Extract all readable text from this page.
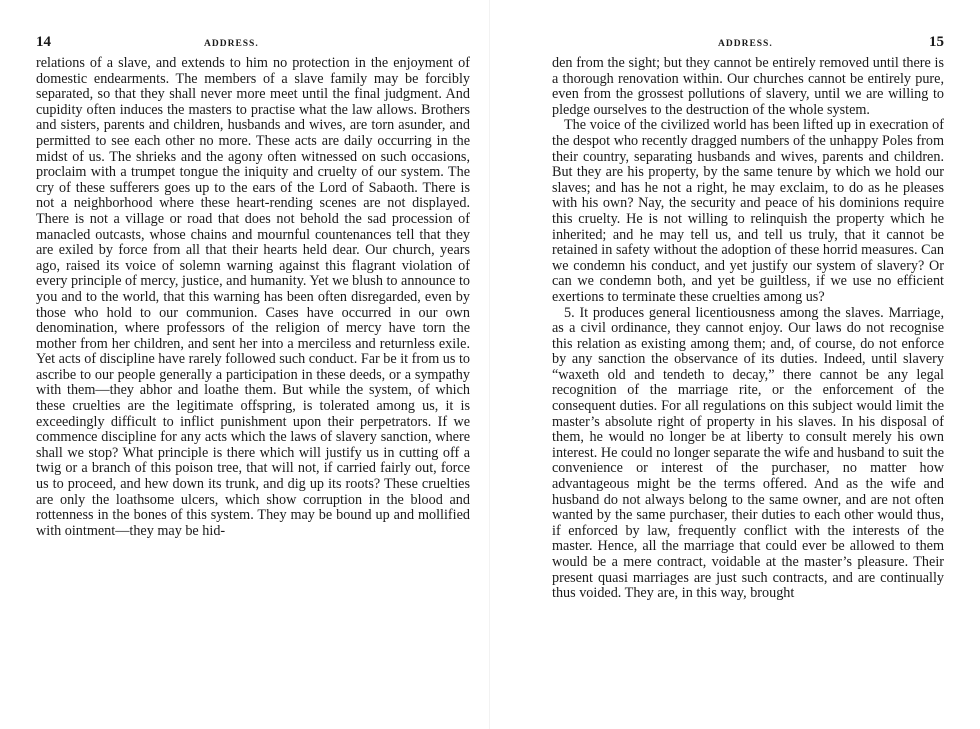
14	ADDRESS.

relations of a slave, and extends to him no protection in the enjoyment of domestic endearments. The members of a slave family may be forcibly separated, so that they shall never more meet until the final judgment. And cupidity often induces the masters to practise what the law allows. Brothers and sisters, parents and children, husbands and wives, are torn asunder, and permitted to see each other no more. These acts are daily occurring in the midst of us. The shrieks and the agony often witnessed on such occasions, proclaim with a trumpet tongue the iniquity and cruelty of our system. The cry of these sufferers goes up to the ears of the Lord of Sabaoth. There is not a neighborhood where these heart-rending scenes are not displayed. There is not a village or road that does not behold the sad procession of manacled outcasts, whose chains and mournful countenances tell that they are exiled by force from all that their hearts held dear. Our church, years ago, raised its voice of solemn warning against this flagrant violation of every principle of mercy, justice, and humanity. Yet we blush to announce to you and to the world, that this warning has been often disregarded, even by those who hold to our communion. Cases have occurred in our own denomination, where professors of the religion of mercy have torn the mother from her children, and sent her into a merciless and returnless exile. Yet acts of discipline have rarely followed such conduct. Far be it from us to ascribe to our people generally a participation in these deeds, or a sympathy with them—they abhor and loathe them. But while the system, of which these cruelties are the legitimate offspring, is tolerated among us, it is exceedingly difficult to inflict punishment upon their perpetrators. If we commence discipline for any acts which the laws of slavery sanction, where shall we stop? What principle is there which will justify us in cutting off a twig or a branch of this poison tree, that will not, if carried fairly out, force us to proceed, and hew down its trunk, and dig up its roots? These cruelties are only the loathsome ulcers, which show corruption in the blood and rottenness in the bones of this system. They may be bound up and mollified with ointment—they may be hid-

ADDRESS.	15

den from the sight; but they cannot be entirely removed until there is a thorough renovation within. Our churches cannot be entirely pure, even from the grossest pollutions of slavery, until we are willing to pledge ourselves to the destruction of the whole system.

The voice of the civilized world has been lifted up in execration of the despot who recently dragged numbers of the unhappy Poles from their country, separating husbands and wives, parents and children. But they are his property, by the same tenure by which we hold our slaves; and has he not a right, he may exclaim, to do as he pleases with his own? Nay, the security and peace of his dominions require this cruelty. He is not willing to relinquish the property which he inherited; and he may tell us, and tell us truly, that it cannot be retained in safety without the adoption of these horrid measures. Can we condemn his conduct, and yet justify our system of slavery? Or can we condemn both, and yet be guiltless, if we use no efficient exertions to terminate these cruelties among us?

5. It produces general licentiousness among the slaves. Marriage, as a civil ordinance, they cannot enjoy. Our laws do not recognise this relation as existing among them; and, of course, do not enforce by any sanction the observance of its duties. Indeed, until slavery “waxeth old and tendeth to decay,” there cannot be any legal recognition of the marriage rite, or the enforcement of the consequent duties. For all regulations on this subject would limit the master’s absolute right of property in his slaves. In his disposal of them, he would no longer be at liberty to consult merely his own interest. He could no longer separate the wife and husband to suit the convenience or interest of the purchaser, no matter how advantageous might be the terms offered. And as the wife and husband do not always belong to the same owner, and are not often wanted by the same purchaser, their duties to each other would thus, if enforced by law, frequently conflict with the interests of the master. Hence, all the marriage that could ever be allowed to them would be a mere contract, voidable at the master’s pleasure. Their present quasi marriages are just such contracts, and are continually thus voided. They are, in this way, brought
